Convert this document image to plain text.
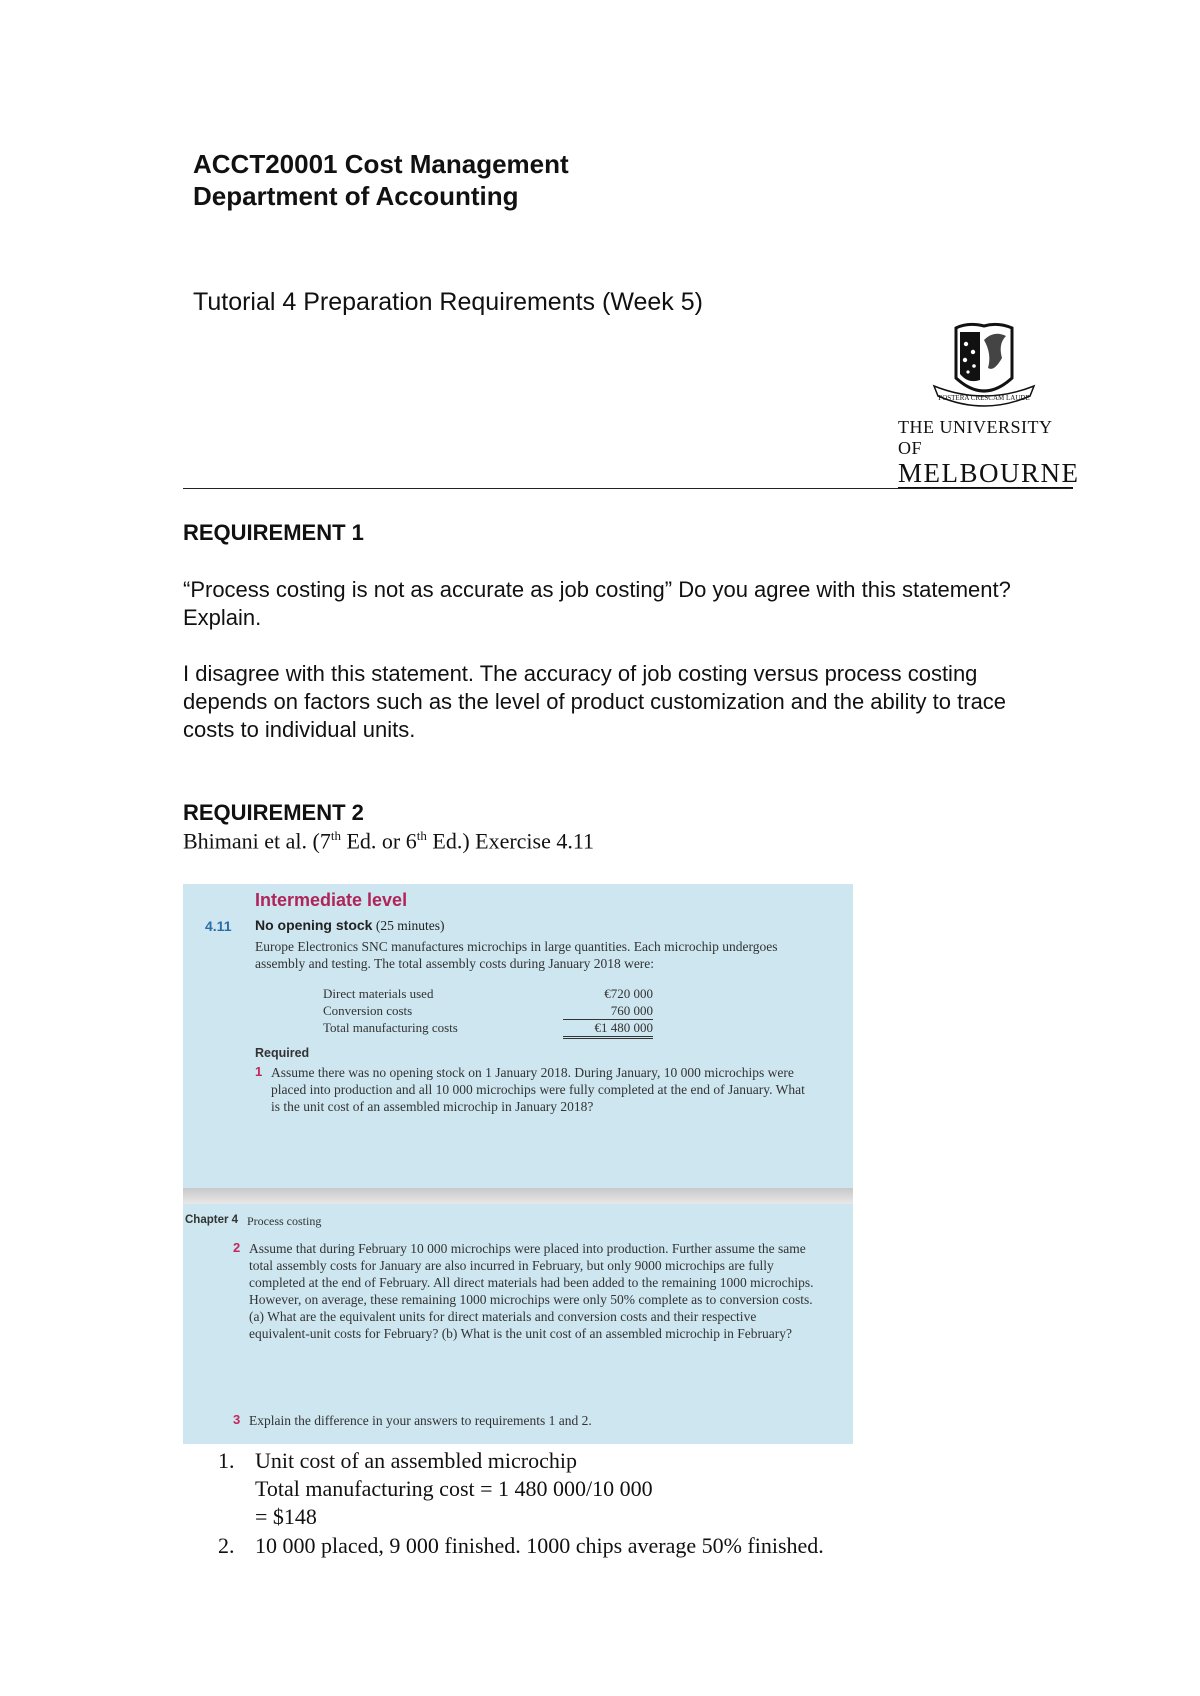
ACCT20001 Cost Management
Department of Accounting
Tutorial 4 Preparation Requirements (Week 5)
POSTERA CRESCAM LAUDE
THE UNIVERSITY OF
MELBOURNE
REQUIREMENT 1
“Process costing is not as accurate as job costing” Do you agree with this statement? Explain.
I disagree with this statement. The accuracy of job costing versus process costing depends on factors such as the level of product customization and the ability to trace costs to individual units.
REQUIREMENT 2
Bhimani et al. (7th Ed. or 6th Ed.) Exercise 4.11
Intermediate level
4.11 No opening stock (25 minutes)
Europe Electronics SNC manufactures microchips in large quantities. Each microchip undergoes assembly and testing. The total assembly costs during January 2018 were:
Direct materials used	€720 000
Conversion costs	760 000
Total manufacturing costs	€1 480 000
Required
1 Assume there was no opening stock on 1 January 2018. During January, 10 000 microchips were placed into production and all 10 000 microchips were fully completed at the end of January. What is the unit cost of an assembled microchip in January 2018?
Chapter 4 Process costing
2 Assume that during February 10 000 microchips were placed into production. Further assume the same total assembly costs for January are also incurred in February, but only 9000 microchips are fully completed at the end of February. All direct materials had been added to the remaining 1000 microchips. However, on average, these remaining 1000 microchips were only 50% complete as to conversion costs. (a) What are the equivalent units for direct materials and conversion costs and their respective equivalent-unit costs for February? (b) What is the unit cost of an assembled microchip in February?
3 Explain the difference in your answers to requirements 1 and 2.
1. Unit cost of an assembled microchip
Total manufacturing cost = 1 480 000/10 000
= $148
2. 10 000 placed, 9 000 finished. 1000 chips average 50% finished.
